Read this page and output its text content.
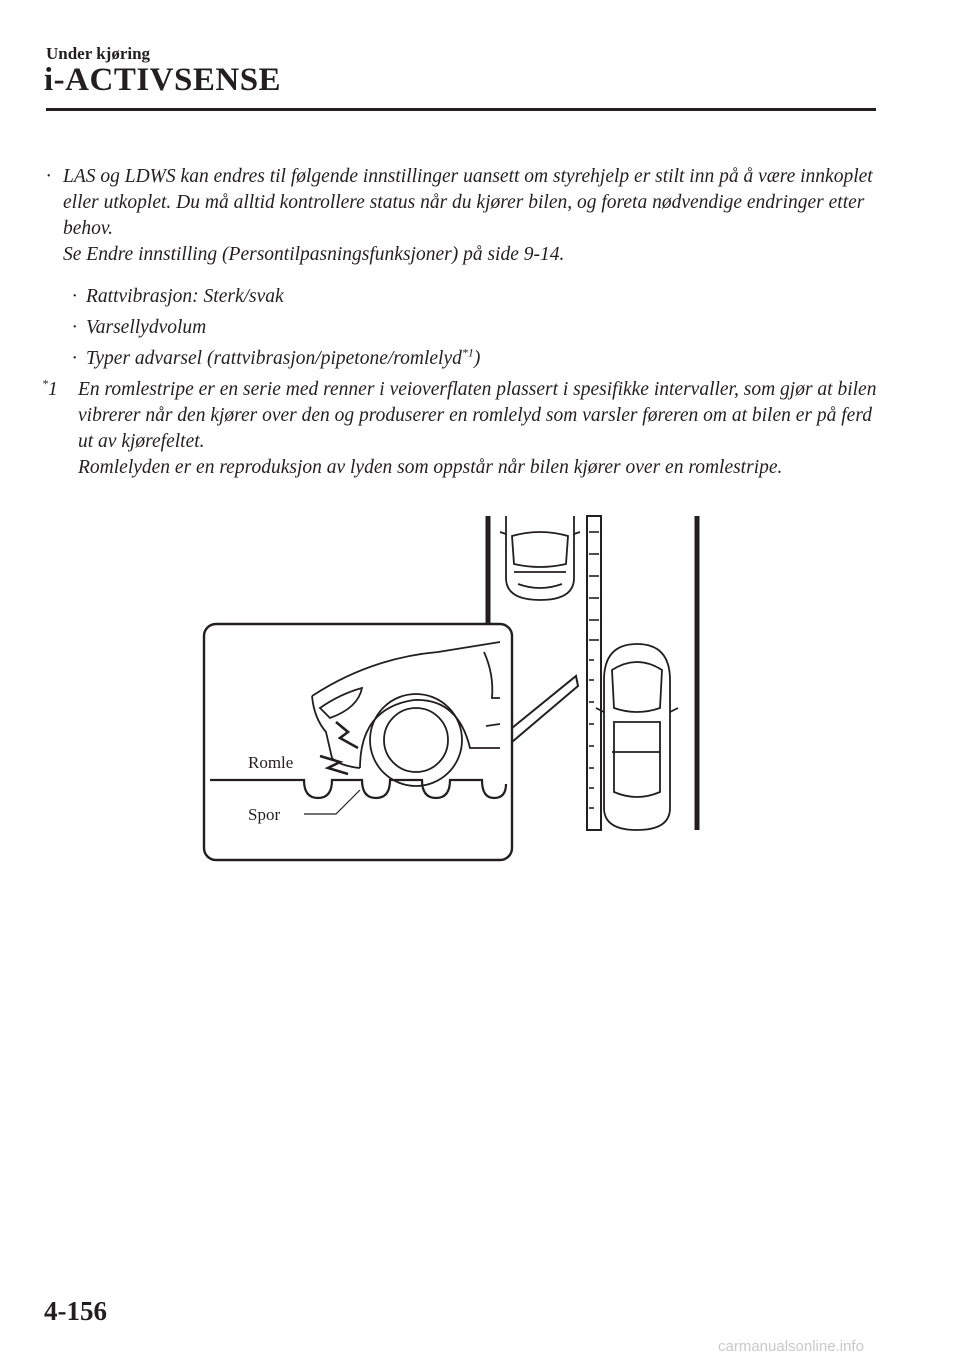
Under kjøring
i-ACTIVSENSE
· LAS og LDWS kan endres til følgende innstillinger uansett om styrehjelp er stilt inn på å være innkoplet eller utkoplet. Du må alltid kontrollere status når du kjører bilen, og foreta nødvendige endringer etter behov.
Se Endre innstilling (Persontilpasningsfunksjoner) på side 9-14.
· Rattvibrasjon: Sterk/svak
· Varsellydvolum
· Typer advarsel (rattvibrasjon/pipetone/romlelyd$^{*1}$)
*1 En romlestripe er en serie med renner i veioverflaten plassert i spesifikke intervaller, som gjør at bilen vibrerer når den kjører over den og produserer en romlelyd som varsler føreren om at bilen er på ferd ut av kjørefeltet.
Romlelyden er en reproduksjon av lyden som oppstår når bilen kjører over en romlestripe.
Romle
Spor
4-156
carmanualsonline.info
